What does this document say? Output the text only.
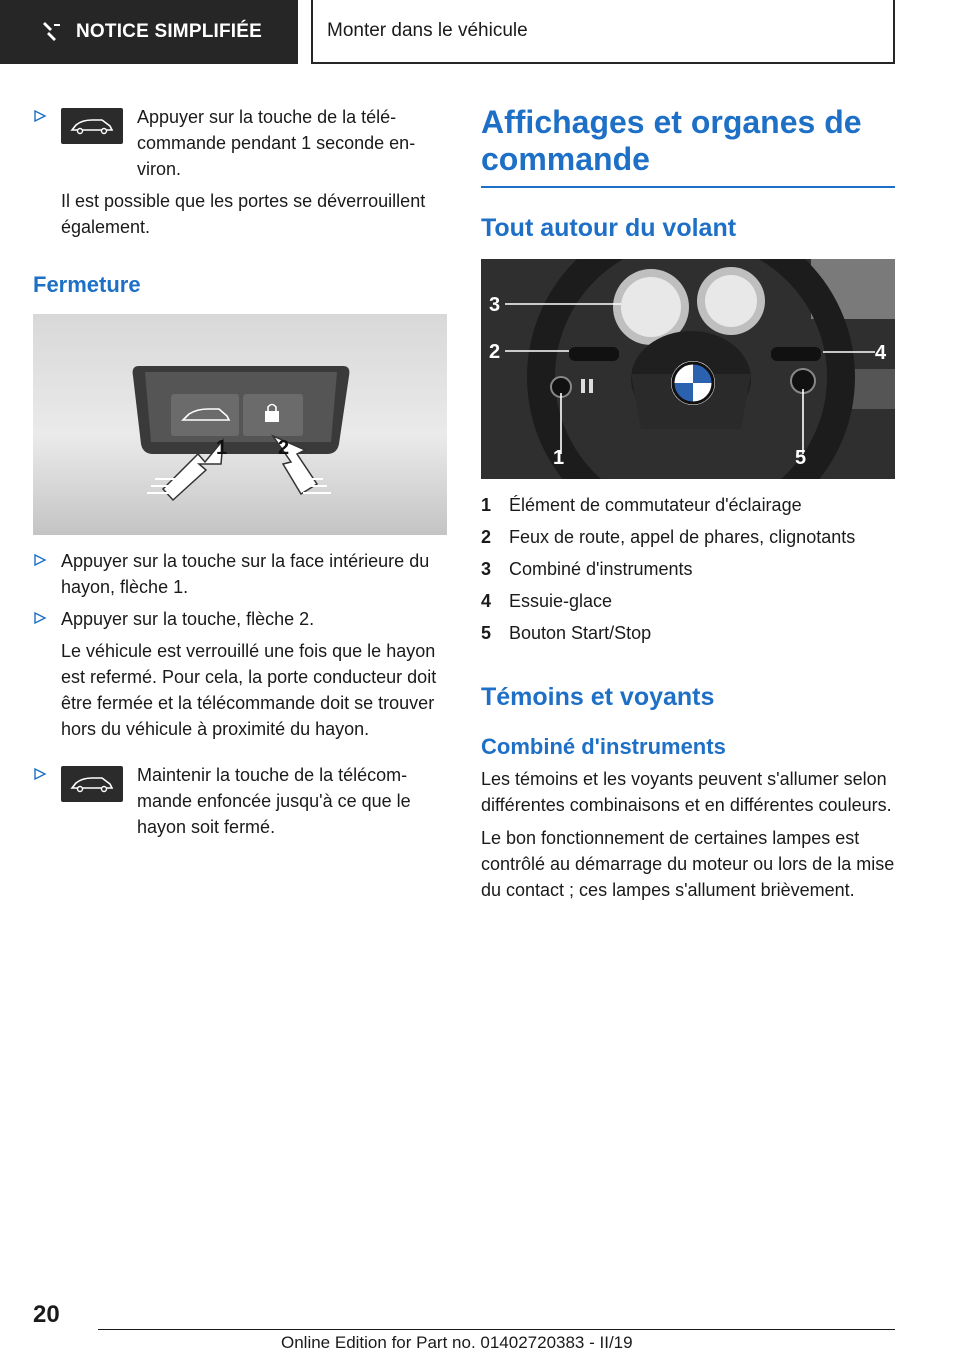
NOTICE SIMPLIFIÉE	Monter dans le véhicule

Appuyer sur la touche de la télécommande pendant 1 seconde environ.

Il est possible que les portes se déverrouillent également.

Fermeture
1	2

Appuyer sur la touche sur la face intérieure du hayon, flèche 1.

Appuyer sur la touche, flèche 2.

Le véhicule est verrouillé une fois que le hayon est refermé. Pour cela, la porte conducteur doit être fermée et la télécommande doit se trouver hors du véhicule à proximité du hayon.

Maintenir la touche de la télécommande enfoncée jusqu'à ce que le hayon soit fermé.

Affichages et organes de commande
Tout autour du volant
3
2	4
1	5
1 Élément de commutateur d'éclairage
2 Feux de route, appel de phares, clignotants
3 Combiné d'instruments
4 Essuie-glace
5 Bouton Start/Stop
Témoins et voyants
Combiné d'instruments

Les témoins et les voyants peuvent s'allumer selon différentes combinaisons et en différentes couleurs.

Le bon fonctionnement de certaines lampes est contrôlé au démarrage du moteur ou lors de la mise du contact ; ces lampes s'allument brièvement.

20
Online Edition for Part no. 01402720383 - II/19
